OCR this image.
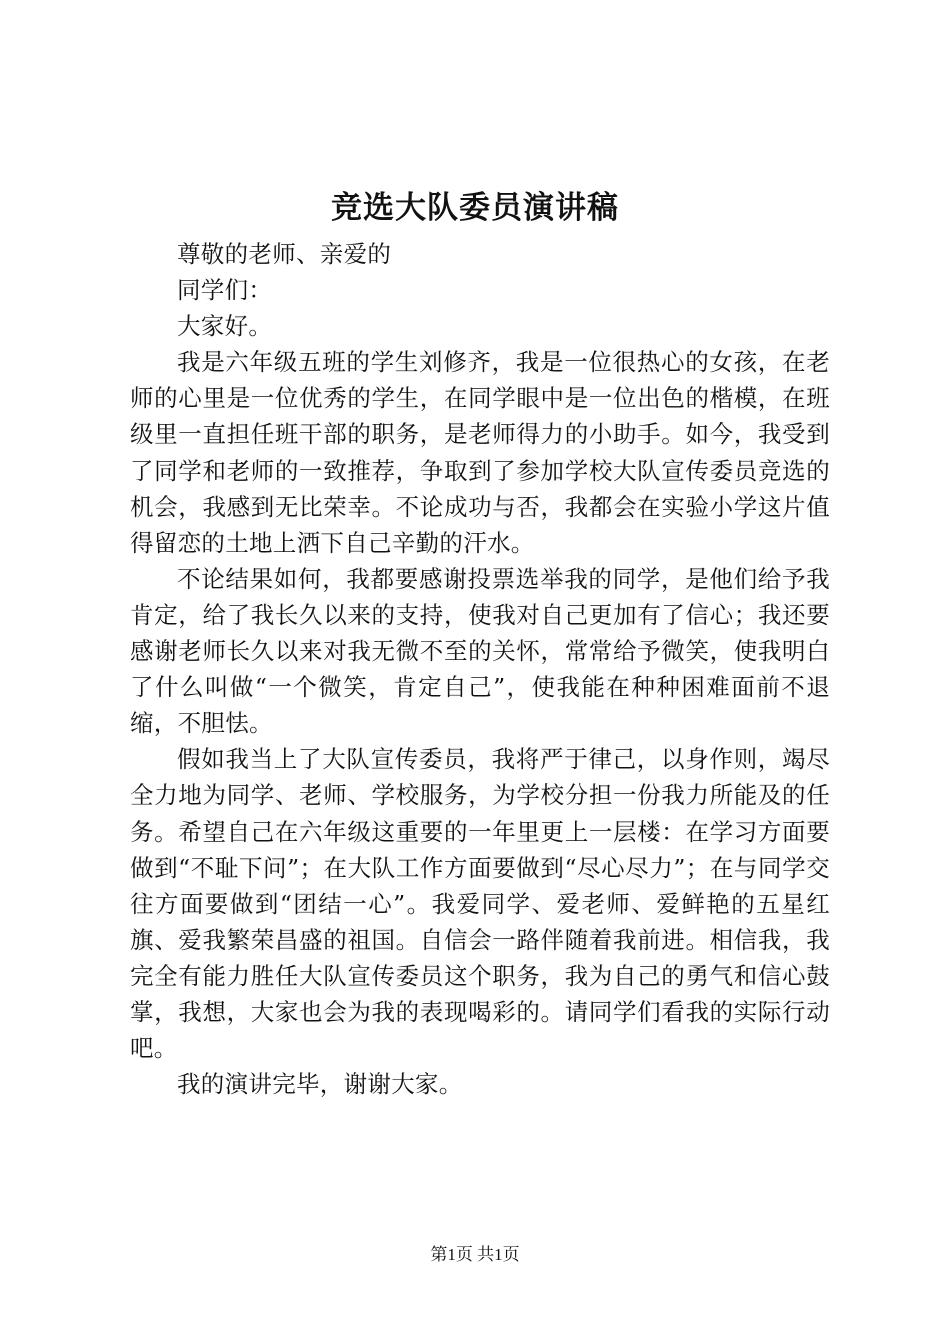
竞选大队委员演讲稿

尊敬的老师、亲爱的

同学们：

大家好。

我是六年级五班的学生刘修齐，我是一位很热心的女孩，在老师的心里是一位优秀的学生，在同学眼中是一位出色的楷模，在班级里一直担任班干部的职务，是老师得力的小助手。如今，我受到了同学和老师的一致推荐，争取到了参加学校大队宣传委员竞选的机会，我感到无比荣幸。不论成功与否，我都会在实验小学这片值得留恋的土地上洒下自己辛勤的汗水。

不论结果如何，我都要感谢投票选举我的同学，是他们给予我肯定，给了我长久以来的支持，使我对自己更加有了信心；我还要感谢老师长久以来对我无微不至的关怀，常常给予微笑，使我明白了什么叫做“一个微笑，肯定自己”，使我能在种种困难面前不退缩，不胆怯。

假如我当上了大队宣传委员，我将严于律己，以身作则，竭尽全力地为同学、老师、学校服务，为学校分担一份我力所能及的任务。希望自己在六年级这重要的一年里更上一层楼：在学习方面要做到“不耻下问”；在大队工作方面要做到“尽心尽力”；在与同学交往方面要做到“团结一心”。我爱同学、爱老师、爱鲜艳的五星红旗、爱我繁荣昌盛的祖国。自信会一路伴随着我前进。相信我，我完全有能力胜任大队宣传委员这个职务，我为自己的勇气和信心鼓掌，我想，大家也会为我的表现喝彩的。请同学们看我的实际行动吧。

我的演讲完毕，谢谢大家。

第1页 共1页
